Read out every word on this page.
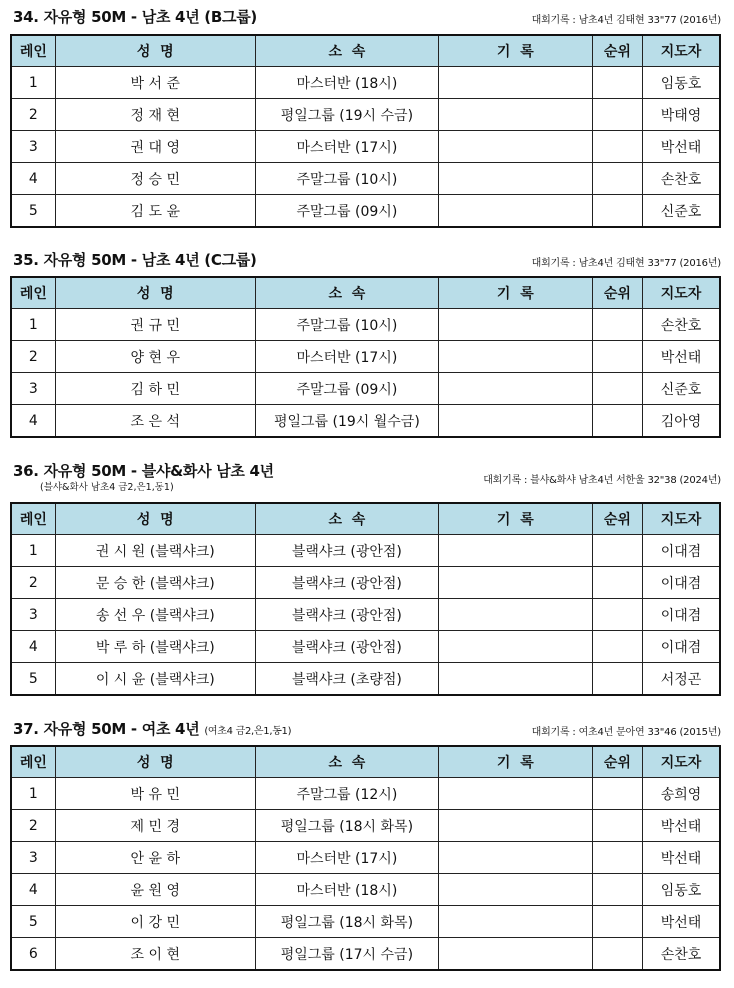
34. 자유형 50M - 남초 4년 (B그룹)	대회기록 : 남초4년 김태현 33"77 (2016년)
레인	성  명	소  속	기  록	순위	지도자
1	박 서 준	마스터반 (18시)			임동호
2	정 재 현	평일그룹 (19시 수금)			박태영
3	권 대 영	마스터반 (17시)			박선태
4	정 승 민	주말그룹 (10시)			손찬호
5	김 도 윤	주말그룹 (09시)			신준호
35. 자유형 50M - 남초 4년 (C그룹)	대회기록 : 남초4년 김태현 33"77 (2016년)
레인	성  명	소  속	기  록	순위	지도자
1	권 규 민	주말그룹 (10시)			손찬호
2	양 현 우	마스터반 (17시)			박선태
3	김 하 민	주말그룹 (09시)			신준호
4	조 은 석	평일그룹 (19시 월수금)			김아영
36. 자유형 50M - 블샤&화사 남초 4년
(블샤&화사 남초4 금2,은1,동1)
대회기록 : 블샤&화샤 남초4년 서한울 32"38 (2024년)
레인	성  명	소  속	기  록	순위	지도자
1	권 시 원 (블랙샤크)	블랙샤크 (광안점)			이대겸
2	문 승 한 (블랙샤크)	블랙샤크 (광안점)			이대겸
3	송 선 우 (블랙샤크)	블랙샤크 (광안점)			이대겸
4	박 루 하 (블랙샤크)	블랙샤크 (광안점)			이대겸
5	이 시 윤 (블랙샤크)	블랙샤크 (초량점)			서정곤
37. 자유형 50M - 여초 4년 (여초4 금2,은1,동1)	대회기록 : 여초4년 문아연 33"46 (2015년)
레인	성  명	소  속	기  록	순위	지도자
1	박 유 민	주말그룹 (12시)			송희영
2	제 민 경	평일그룹 (18시 화목)			박선태
3	안 윤 하	마스터반 (17시)			박선태
4	윤 원 영	마스터반 (18시)			임동호
5	이 강 민	평일그룹 (18시 화목)			박선태
6	조 이 현	평일그룹 (17시 수금)			손찬호
